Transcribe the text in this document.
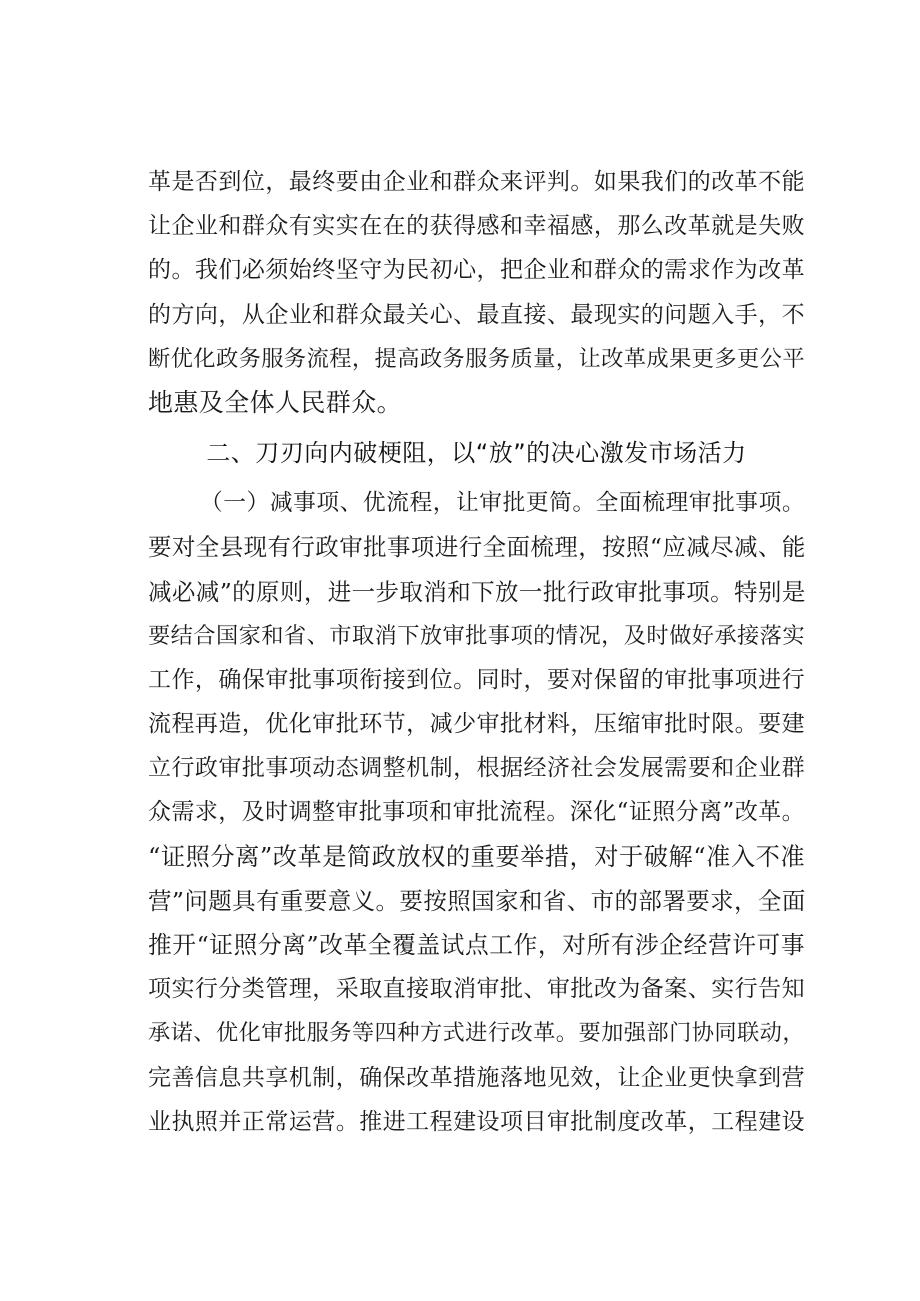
革是否到位，最终要由企业和群众来评判。如果我们的改革不能
让企业和群众有实实在在的获得感和幸福感，那么改革就是失败
的。我们必须始终坚守为民初心，把企业和群众的需求作为改革
的方向，从企业和群众最关心、最直接、最现实的问题入手，不
断优化政务服务流程，提高政务服务质量，让改革成果更多更公平
地惠及全体人民群众。
二、刀刃向内破梗阻，以“放”的决心激发市场活力
（一）减事项、优流程，让审批更简。全面梳理审批事项。
要对全县现有行政审批事项进行全面梳理，按照“应减尽减、能
减必减”的原则，进一步取消和下放一批行政审批事项。特别是
要结合国家和省、市取消下放审批事项的情况，及时做好承接落实
工作，确保审批事项衔接到位。同时，要对保留的审批事项进行
流程再造，优化审批环节，减少审批材料，压缩审批时限。要建
立行政审批事项动态调整机制，根据经济社会发展需要和企业群
众需求，及时调整审批事项和审批流程。深化“证照分离”改革。
“证照分离”改革是简政放权的重要举措，对于破解“准入不准
营”问题具有重要意义。要按照国家和省、市的部署要求，全面
推开“证照分离”改革全覆盖试点工作，对所有涉企经营许可事
项实行分类管理，采取直接取消审批、审批改为备案、实行告知
承诺、优化审批服务等四种方式进行改革。要加强部门协同联动，
完善信息共享机制，确保改革措施落地见效，让企业更快拿到营
业执照并正常运营。推进工程建设项目审批制度改革，工程建设
